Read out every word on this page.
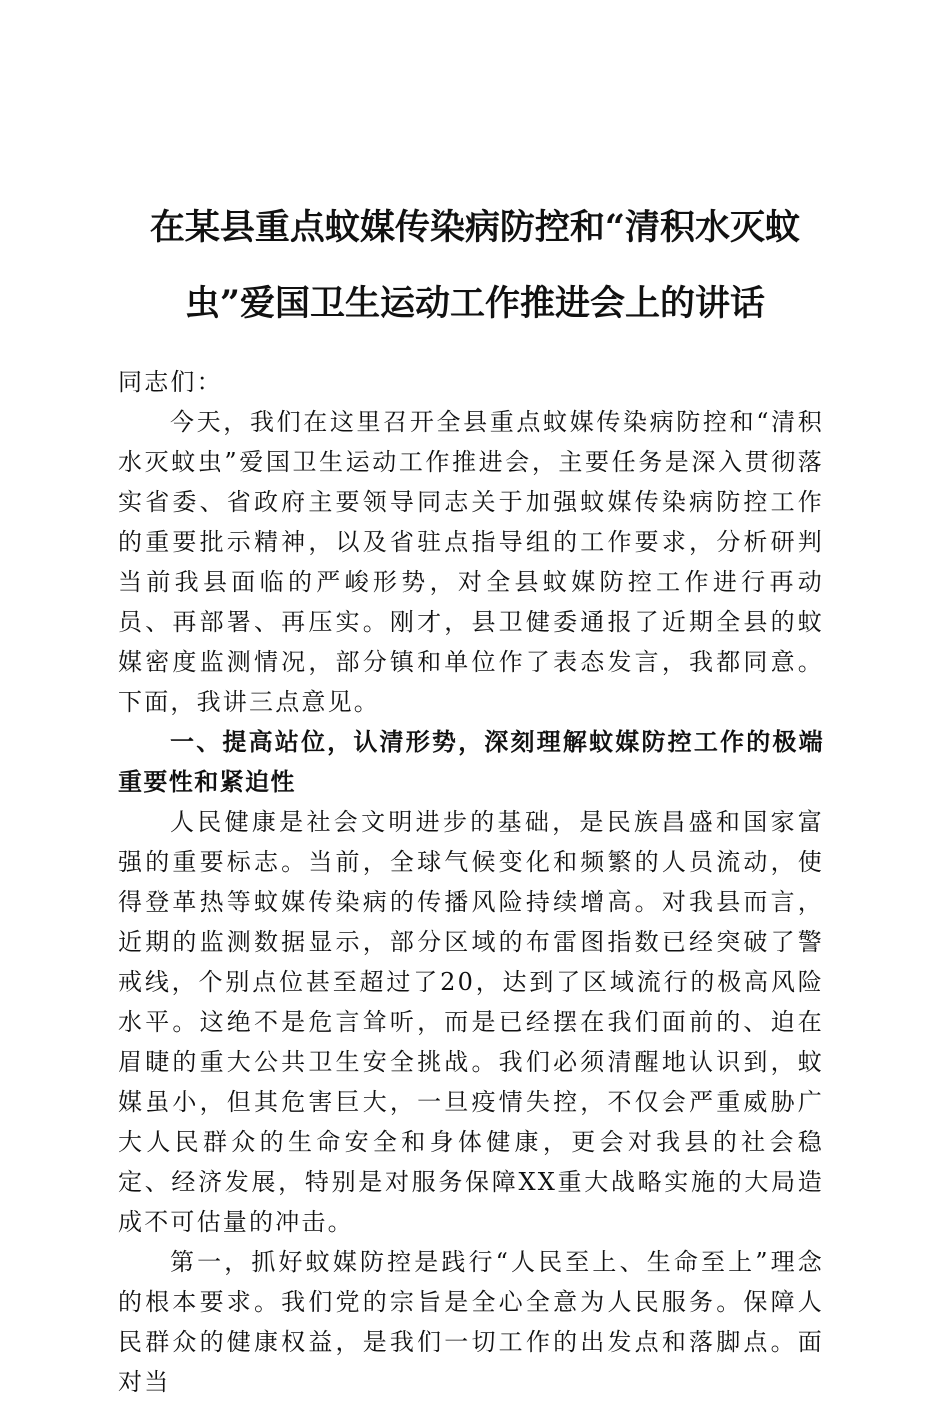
在某县重点蚊媒传染病防控和“清积水灭蚊虫”爱国卫生运动工作推进会上的讲话

同志们：

今天，我们在这里召开全县重点蚊媒传染病防控和“清积水灭蚊虫”爱国卫生运动工作推进会，主要任务是深入贯彻落实省委、省政府主要领导同志关于加强蚊媒传染病防控工作的重要批示精神，以及省驻点指导组的工作要求，分析研判当前我县面临的严峻形势，对全县蚊媒防控工作进行再动员、再部署、再压实。刚才，县卫健委通报了近期全县的蚊媒密度监测情况，部分镇和单位作了表态发言，我都同意。下面，我讲三点意见。

一、提高站位，认清形势，深刻理解蚊媒防控工作的极端重要性和紧迫性

人民健康是社会文明进步的基础，是民族昌盛和国家富强的重要标志。当前，全球气候变化和频繁的人员流动，使得登革热等蚊媒传染病的传播风险持续增高。对我县而言，近期的监测数据显示，部分区域的布雷图指数已经突破了警戒线，个别点位甚至超过了20，达到了区域流行的极高风险水平。这绝不是危言耸听，而是已经摆在我们面前的、迫在眉睫的重大公共卫生安全挑战。我们必须清醒地认识到，蚊媒虽小，但其危害巨大，一旦疫情失控，不仅会严重威胁广大人民群众的生命安全和身体健康，更会对我县的社会稳定、经济发展，特别是对服务保障XX重大战略实施的大局造成不可估量的冲击。

第一，抓好蚊媒防控是践行“人民至上、生命至上”理念的根本要求。我们党的宗旨是全心全意为人民服务。保障人民群众的健康权益，是我们一切工作的出发点和落脚点。面对当
